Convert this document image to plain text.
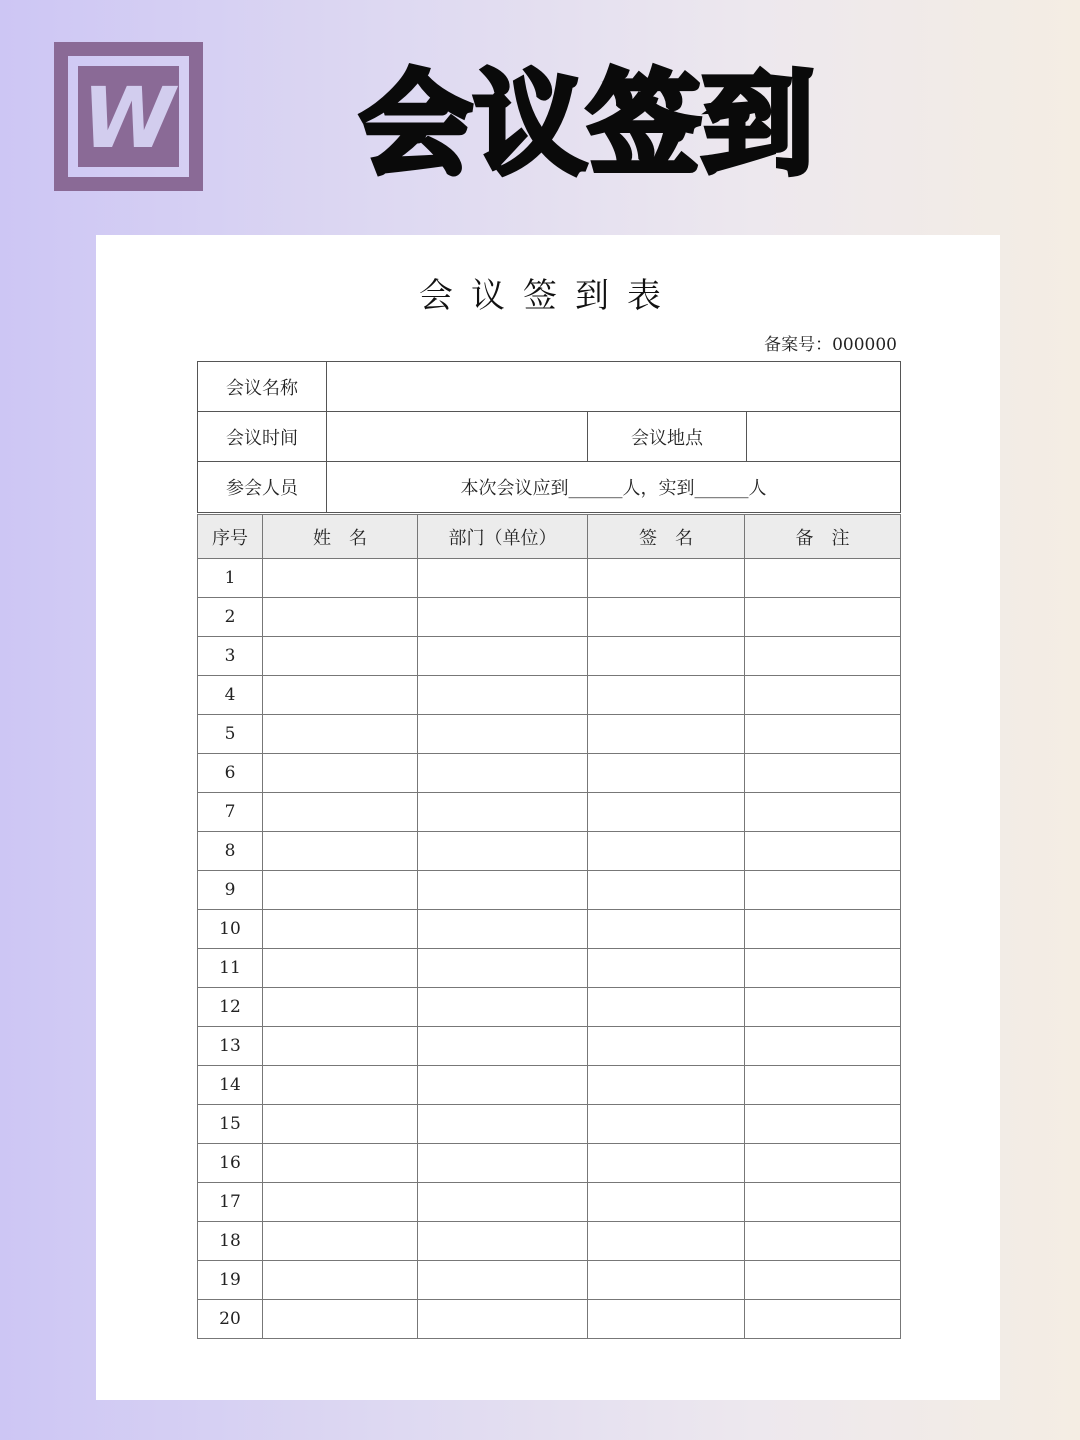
W 会议签到
会议签到表
备案号：000000
会议名称			
会议时间		会议地点	
参会人员	本次会议应到______人，实到______人		
序号	姓　名	部门（单位）	签　名	备　注
1				
2				
3				
4				
5				
6				
7				
8				
9				
10				
11				
12				
13				
14				
15				
16				
17				
18				
19				
20				
